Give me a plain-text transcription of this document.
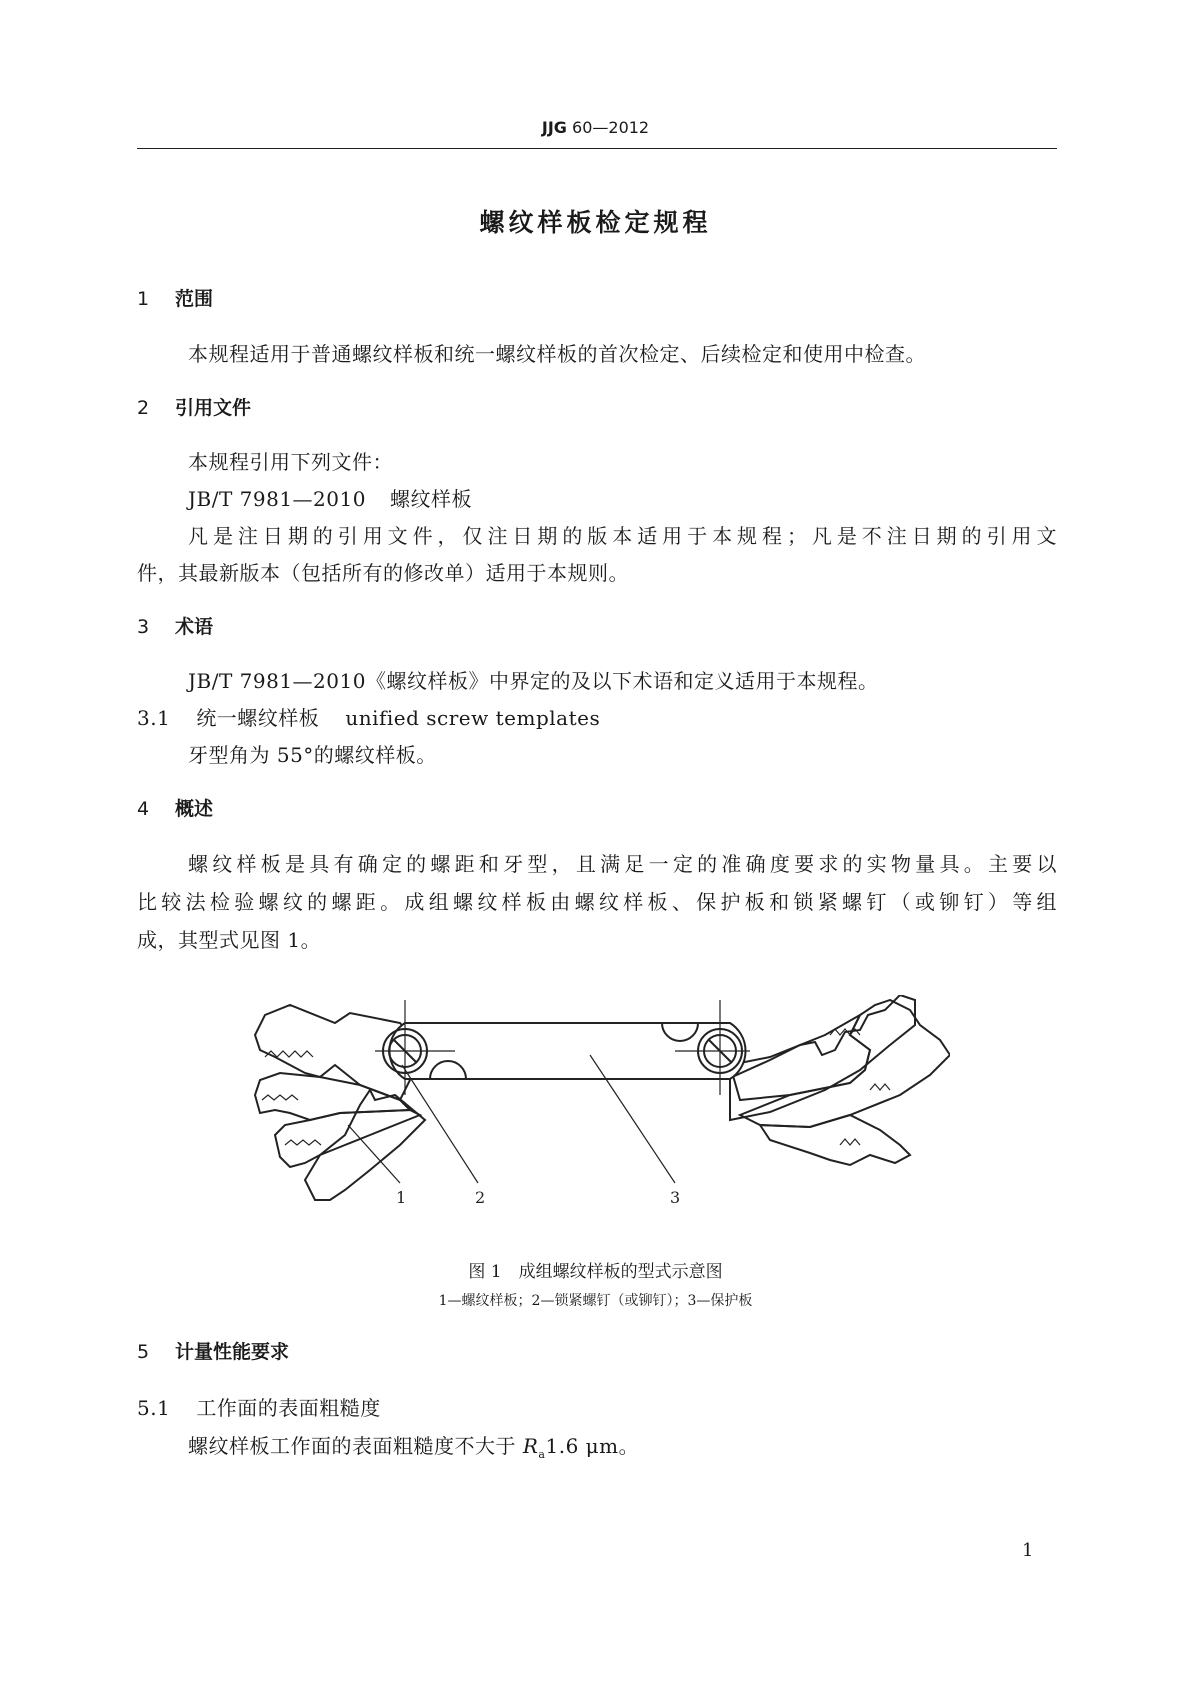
JJG 60—2012
螺纹样板检定规程
1 范围
本规程适用于普通螺纹样板和统一螺纹样板的首次检定、后续检定和使用中检查。
2 引用文件
本规程引用下列文件：
JB/T 7981—2010 螺纹样板
凡是注日期的引用文件，仅注日期的版本适用于本规程；凡是不注日期的引用文
件，其最新版本（包括所有的修改单）适用于本规则。
3 术语
JB/T 7981—2010《螺纹样板》中界定的及以下术语和定义适用于本规程。
3.1 统一螺纹样板 unified screw templates
牙型角为 55°的螺纹样板。
4 概述
螺纹样板是具有确定的螺距和牙型，且满足一定的准确度要求的实物量具。主要以
比较法检验螺纹的螺距。成组螺纹样板由螺纹样板、保护板和锁紧螺钉（或铆钉）等组
成，其型式见图 1。
1	2	3
图 1　成组螺纹样板的型式示意图
1—螺纹样板；2—锁紧螺钉（或铆钉）；3—保护板
5 计量性能要求
5.1 工作面的表面粗糙度
螺纹样板工作面的表面粗糙度不大于 $R_a1.6$ μm。
1
